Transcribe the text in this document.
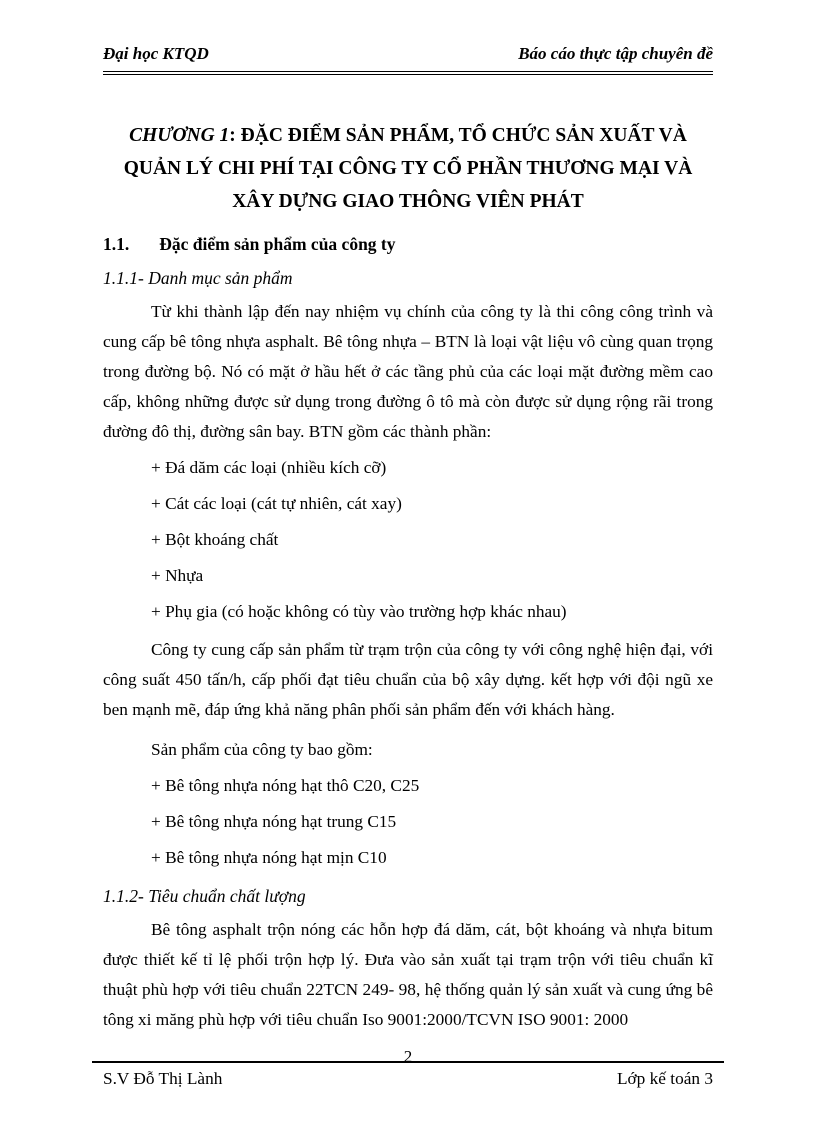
Đại học KTQD	Báo cáo thực tập chuyên đề
CHƯƠNG 1: ĐẶC ĐIỂM SẢN PHẨM, TỔ CHỨC SẢN XUẤT VÀ QUẢN LÝ CHI PHÍ TẠI CÔNG TY CỔ PHẦN THƯƠNG MẠI VÀ XÂY DỰNG GIAO THÔNG VIÊN PHÁT
1.1. Đặc điểm sản phẩm của công ty
1.1.1- Danh mục sản phẩm
Từ khi thành lập đến nay nhiệm vụ chính của công ty là thi công công trình và cung cấp bê tông nhựa asphalt. Bê tông nhựa – BTN là loại vật liệu vô cùng quan trọng trong đường bộ. Nó có mặt ở hầu hết ở các tầng phủ của các loại mặt đường mềm cao cấp, không những được sử dụng trong đường ô tô mà còn được sử dụng rộng rãi trong đường đô thị, đường sân bay. BTN gồm các thành phần:
+ Đá dăm các loại (nhiều kích cỡ)
+ Cát các loại (cát tự nhiên, cát xay)
+ Bột khoáng chất
+ Nhựa
+ Phụ gia (có hoặc không có tùy vào trường hợp khác nhau)
Công ty cung cấp sản phẩm từ trạm trộn của công ty với công nghệ hiện đại, với công suất 450 tấn/h, cấp phối đạt tiêu chuẩn của bộ xây dựng. kết hợp với đội ngũ xe ben mạnh mẽ, đáp ứng khả năng phân phối sản phẩm đến với khách hàng.
Sản phẩm của công ty bao gồm:
+ Bê tông nhựa nóng hạt thô C20, C25
+ Bê tông nhựa nóng hạt trung C15
+ Bê tông nhựa nóng hạt mịn C10
1.1.2- Tiêu chuẩn chất lượng
Bê tông asphalt trộn nóng các hỗn hợp đá dăm, cát, bột khoáng và nhựa bitum được thiết kế tỉ lệ phối trộn hợp lý. Đưa vào sản xuất tại trạm trộn với tiêu chuẩn kĩ thuật phù hợp với tiêu chuẩn 22TCN 249- 98, hệ thống quản lý sản xuất và cung ứng bê tông xi măng phù hợp với tiêu chuẩn Iso 9001:2000/TCVN ISO 9001: 2000
2
S.V Đỗ Thị Lành	Lớp kế toán 3
